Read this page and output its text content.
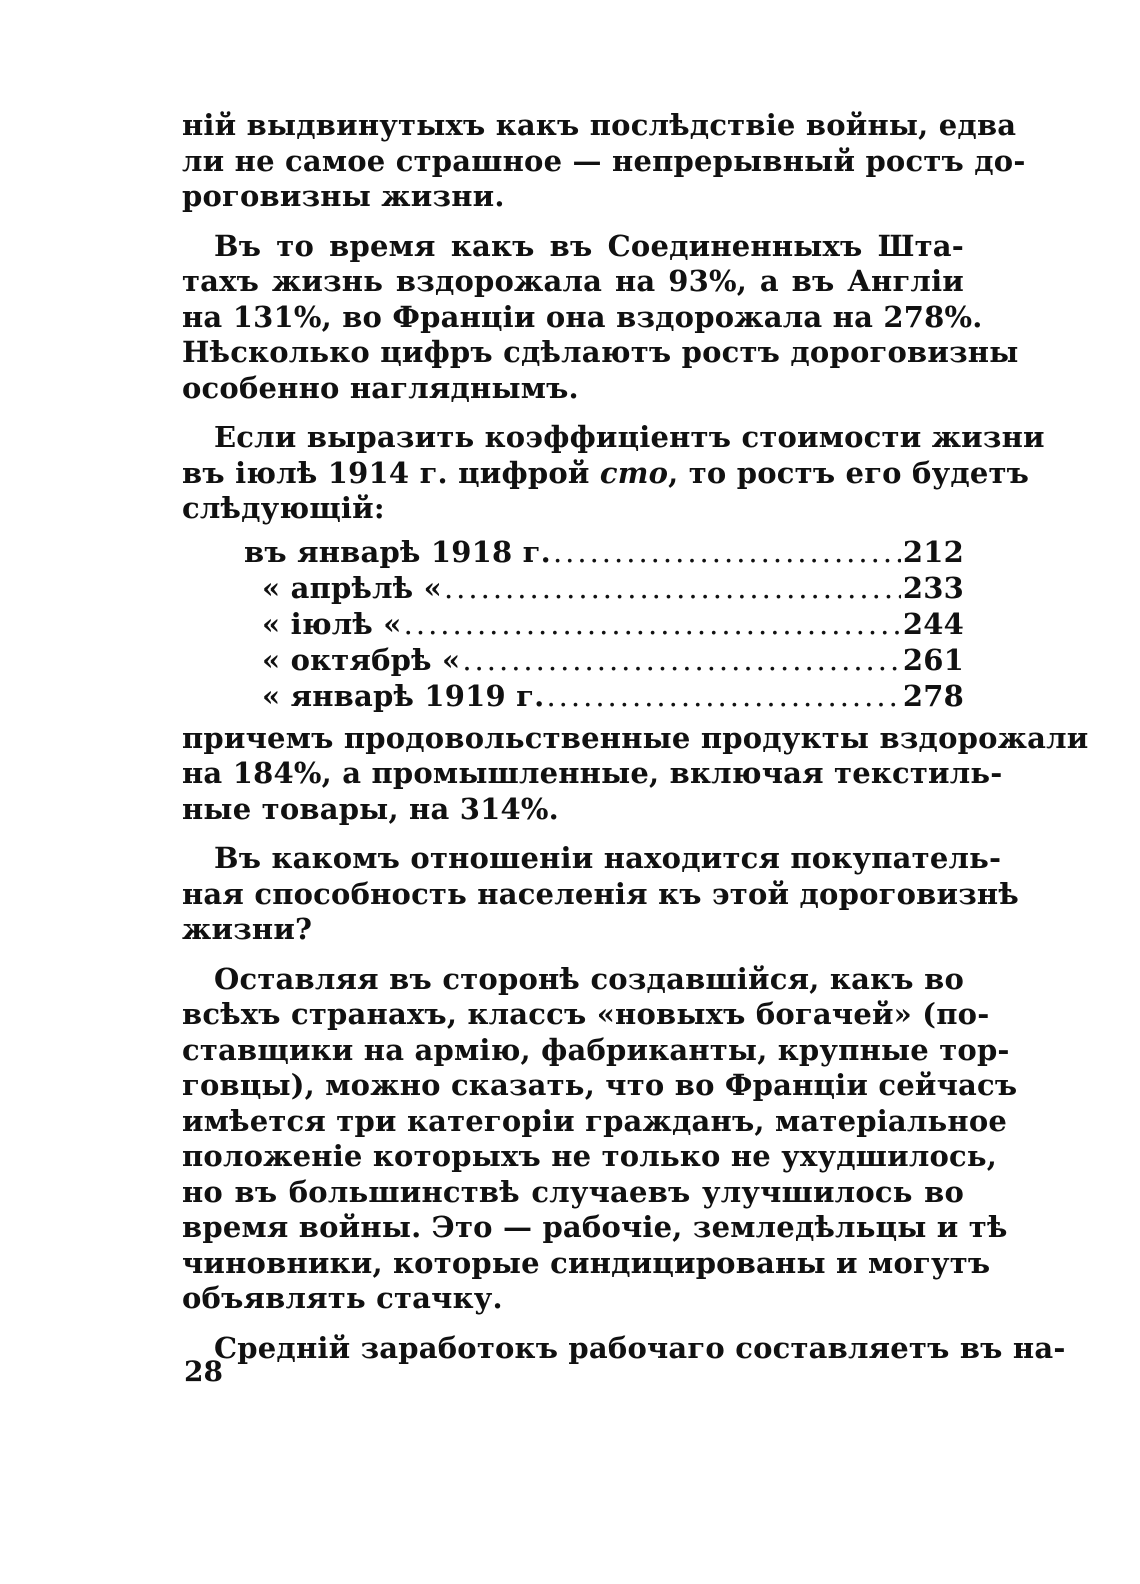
ній выдвинутыхъ какъ послѣдствіе войны, едва
ли не самое страшное — непрерывный ростъ до-
роговизны жизни.
Въ то время какъ въ Соединенныхъ Шта-
тахъ жизнь вздорожала на 93%, а въ Англіи
на 131%, во Франціи она вздорожала на 278%.
Нѣсколько цифръ сдѣлаютъ ростъ дороговизны
особенно нагляднымъ.
Если выразить коэффиціентъ стоимости жизни
въ іюлѣ 1914 г. цифрой сто, то ростъ его будетъ
слѣдующій:
въ январѣ 1918 г. .....	212
« апрѣлѣ « .....	233
« іюлѣ « .....	244
« октябрѣ « .....	261
« январѣ 1919 г. .....	278
причемъ продовольственные продукты вздорожали
на 184%, а промышленные, включая текстиль-
ные товары, на 314%.
Въ какомъ отношеніи находится покупатель-
ная способность населенія къ этой дороговизнѣ
жизни?
Оставляя въ сторонѣ создавшійся, какъ во
всѣхъ странахъ, классъ «новыхъ богачей» (по-
ставщики на армію, фабриканты, крупные тор-
говцы), можно сказать, что во Франціи сейчасъ
имѣется три категоріи гражданъ, матеріальное
положеніе которыхъ не только не ухудшилось,
но въ большинствѣ случаевъ улучшилось во
время войны. Это — рабочіе, земледѣльцы и тѣ
чиновники, которые синдицированы и могутъ
объявлять стачку.
Средній заработокъ рабочаго составляетъ въ на-
28
